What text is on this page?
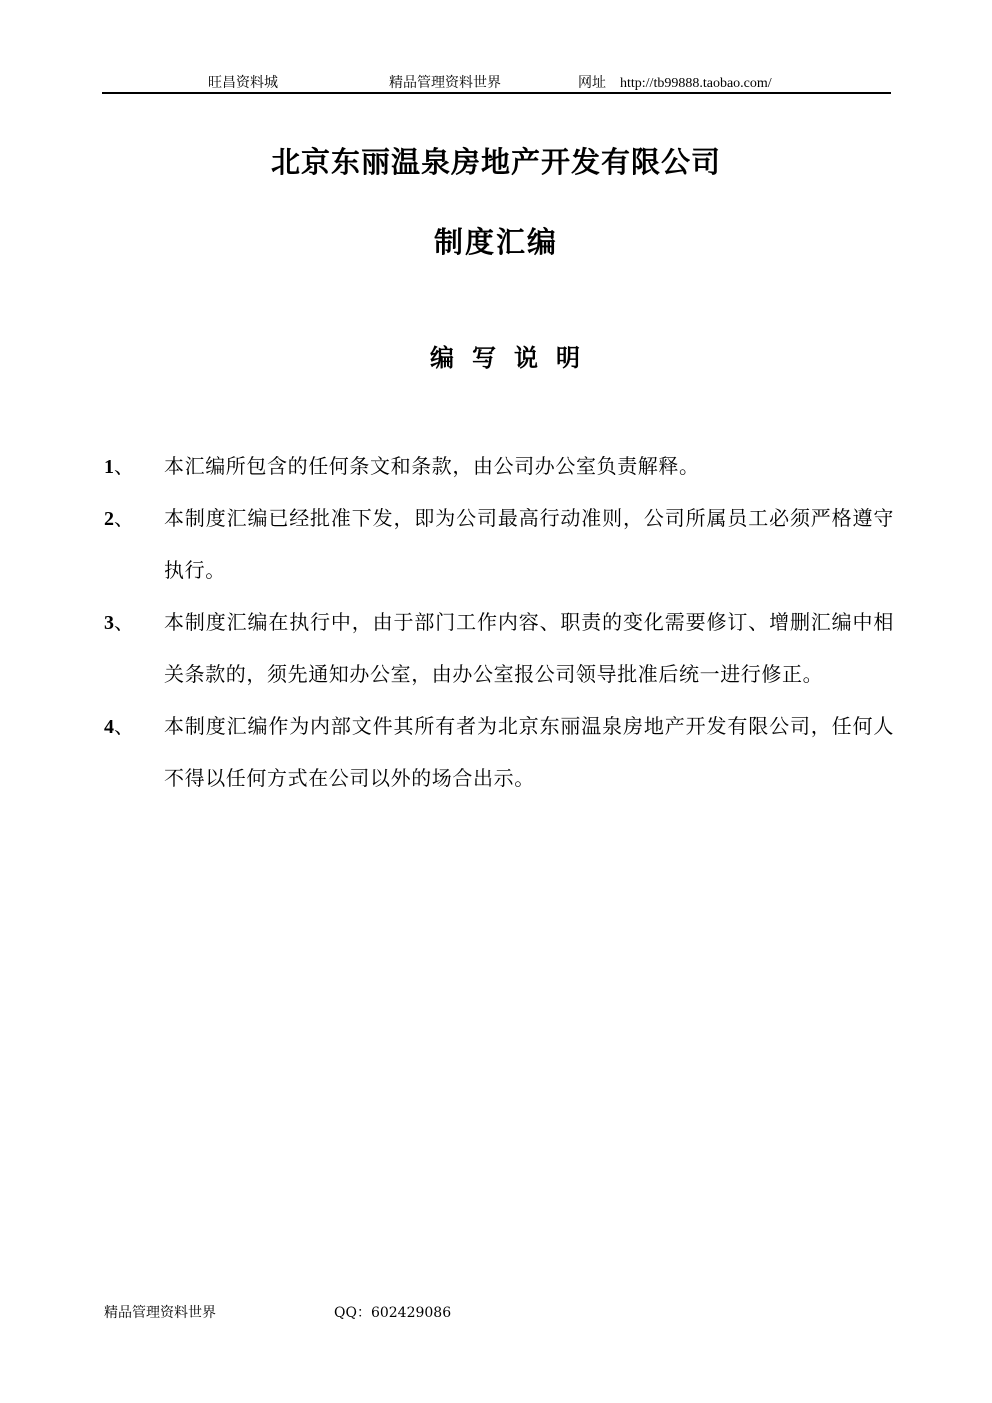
旺昌资料城	精品管理资料世界	网址 http://tb99888.taobao.com/
北京东丽温泉房地产开发有限公司
制度汇编
编写说明
1、 本汇编所包含的任何条文和条款，由公司办公室负责解释。
2、 本制度汇编已经批准下发，即为公司最高行动准则，公司所属员工必须严格遵守执行。
3、 本制度汇编在执行中，由于部门工作内容、职责的变化需要修订、增删汇编中相关条款的，须先通知办公室，由办公室报公司领导批准后统一进行修正。
4、 本制度汇编作为内部文件其所有者为北京东丽温泉房地产开发有限公司，任何人不得以任何方式在公司以外的场合出示。
精品管理资料世界	QQ：602429086
